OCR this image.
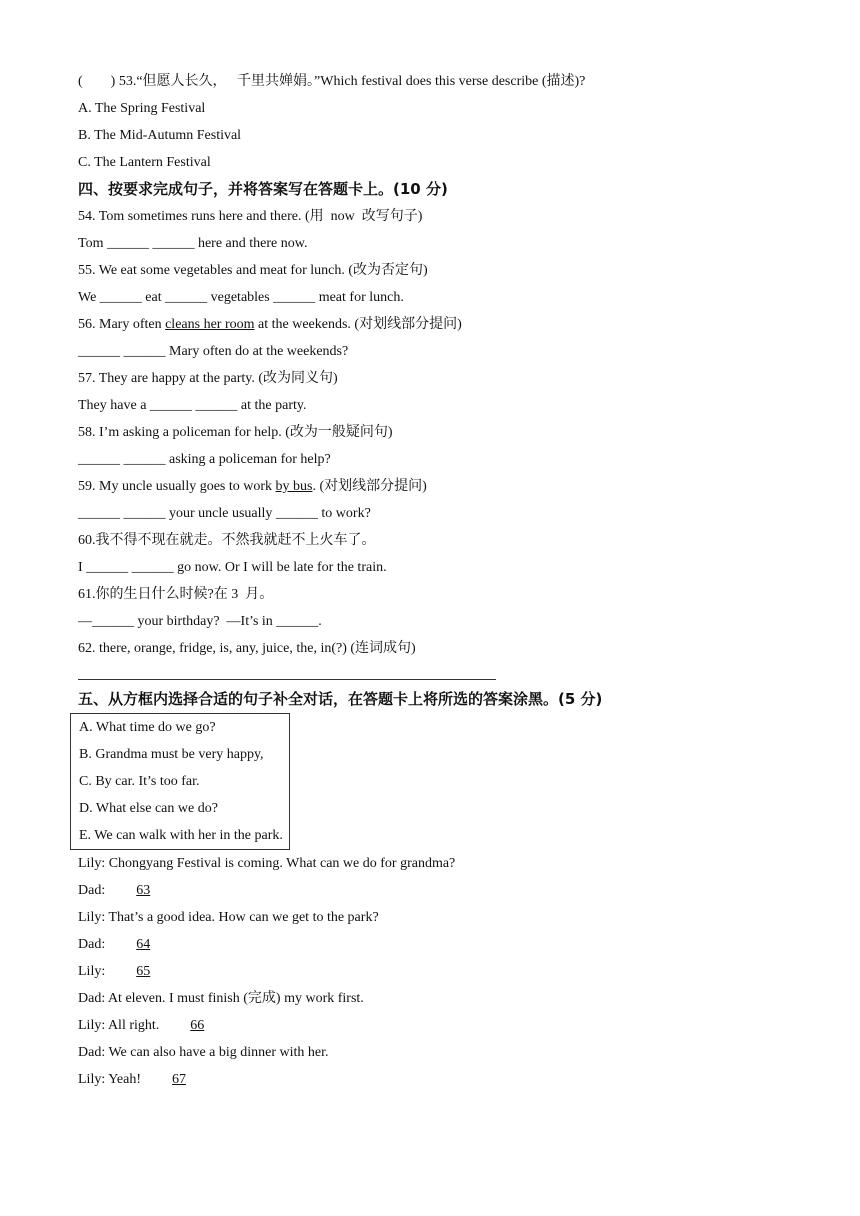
(        ) 53.“但愿人长久，   千里共婵娟。”Which festival does this verse describe (描述)?
A. The Spring Festival
B. The Mid-Autumn Festival
C. The Lantern Festival
四、按要求完成句子，并将答案写在答题卡上。(10 分)
54. Tom sometimes runs here and there. (用  now  改写句子)
Tom ______ ______ here and there now.
55. We eat some vegetables and meat for lunch. (改为否定句)
We ______ eat ______ vegetables ______ meat for lunch.
56. Mary often cleans her room at the weekends. (对划线部分提问)
______ ______ Mary often do at the weekends?
57. They are happy at the party. (改为同义句)
They have a ______ ______ at the party.
58. I’m asking a policeman for help. (改为一般疑问句)
______ ______ asking a policeman for help?
59. My uncle usually goes to work by bus. (对划线部分提问)
______ ______ your uncle usually ______ to work?
60.我不得不现在就走。不然我就赶不上火车了。
I ______ ______ go now. Or I will be late for the train.
61.你的生日什么时候?在 3  月。
—______ your birthday?  —It’s in ______.
62. there, orange, fridge, is, any, juice, the, in(?) (连词成句)
五、从方框内选择合适的句子补全对话，在答题卡上将所选的答案涂黑。(5 分)
A. What time do we go?
B. Grandma must be very happy,
C. By car. It’s too far.
D. What else can we do?
E. We can walk with her in the park.
Lily: Chongyang Festival is coming. What can we do for grandma?
Dad:  63
Lily: That’s a good idea. How can we get to the park?
Dad:  64
Lily:  65
Dad: At eleven. I must finish (完成) my work first.
Lily: All right.  66
Dad: We can also have a big dinner with her.
Lily: Yeah!  67
